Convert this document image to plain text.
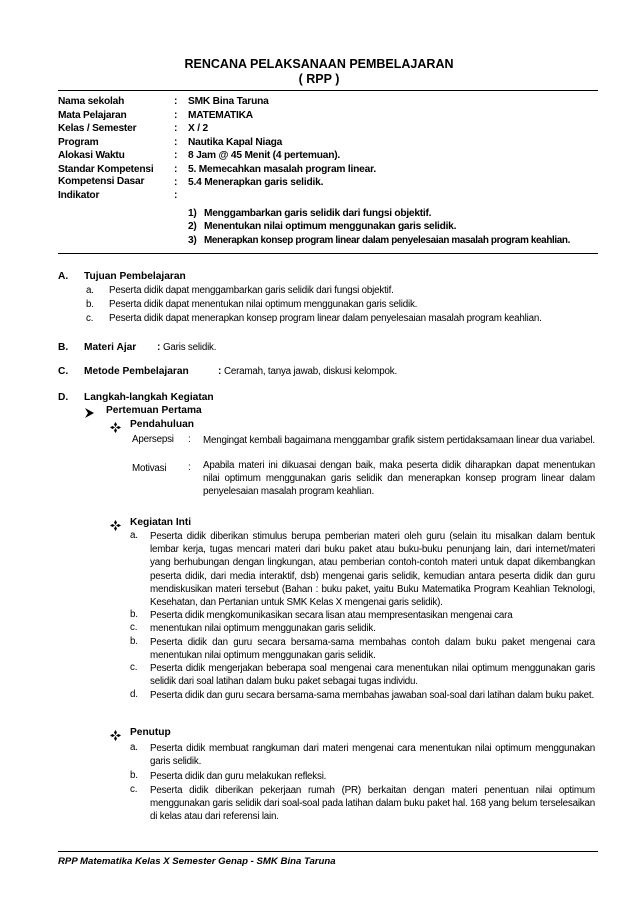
RENCANA PELAKSANAAN PEMBELAJARAN
( RPP )
Nama sekolah	: SMK Bina Taruna
Mata Pelajaran	: MATEMATIKA
Kelas / Semester	: X / 2
Program	: Nautika Kapal Niaga
Alokasi Waktu	: 8 Jam @ 45 Menit (4 pertemuan).
Standar Kompetensi : 5. Memecahkan masalah program linear.
Kompetensi Dasar	: 5.4 Menerapkan garis selidik.
Indikator	:
1) Menggambarkan garis selidik dari fungsi objektif.
2) Menentukan nilai optimum menggunakan garis selidik.
3) Menerapkan konsep program linear dalam penyelesaian masalah program keahlian.
A. Tujuan Pembelajaran
a. Peserta didik dapat menggambarkan garis selidik dari fungsi objektif.
b. Peserta didik dapat menentukan nilai optimum menggunakan garis selidik.
c. Peserta didik dapat menerapkan konsep program linear dalam penyelesaian masalah program keahlian.
B. Materi Ajar : Garis selidik.
C. Metode Pembelajaran	: Ceramah, tanya jawab, diskusi kelompok.
D. Langkah-langkah Kegiatan
Pertemuan Pertama
Pendahuluan
Apersepsi : Mengingat kembali bagaimana menggambar grafik sistem pertidaksamaan linear dua variabel.
Motivasi : Apabila materi ini dikuasai dengan baik, maka peserta didik diharapkan dapat menentukan nilai optimum menggunakan garis selidik dan menerapkan konsep program linear dalam penyelesaian masalah program keahlian.
Kegiatan Inti
a. Peserta didik diberikan stimulus berupa pemberian materi oleh guru (selain itu misalkan dalam bentuk lembar kerja, tugas mencari materi dari buku paket atau buku-buku penunjang lain, dari internet/materi yang berhubungan dengan lingkungan, atau pemberian contoh-contoh materi untuk dapat dikembangkan peserta didik, dari media interaktif, dsb) mengenai garis selidik, kemudian antara peserta didik dan guru mendiskusikan materi tersebut (Bahan : buku paket, yaitu Buku Matematika Program Keahlian Teknologi, Kesehatan, dan Pertanian untuk SMK Kelas X mengenai garis selidik).
b. Peserta didik mengkomunikasikan secara lisan atau mempresentasikan mengenai cara
c. menentukan nilai optimum menggunakan garis selidik.
b. Peserta didik dan guru secara bersama-sama membahas contoh dalam buku paket mengenai cara menentukan nilai optimum menggunakan garis selidik.
c. Peserta didik mengerjakan beberapa soal mengenai cara menentukan nilai optimum menggunakan garis selidik dari soal latihan dalam buku paket sebagai tugas individu.
d. Peserta didik dan guru secara bersama-sama membahas jawaban soal-soal dari latihan dalam buku paket.
Penutup
a. Peserta didik membuat rangkuman dari materi mengenai cara menentukan nilai optimum menggunakan garis selidik.
b. Peserta didik dan guru melakukan refleksi.
c. Peserta didik diberikan pekerjaan rumah (PR) berkaitan dengan materi penentuan nilai optimum menggunakan garis selidik dari soal-soal pada latihan dalam buku paket hal. 168 yang belum terselesaikan di kelas atau dari referensi lain.
RPP Matematika Kelas X Semester Genap - SMK Bina Taruna
